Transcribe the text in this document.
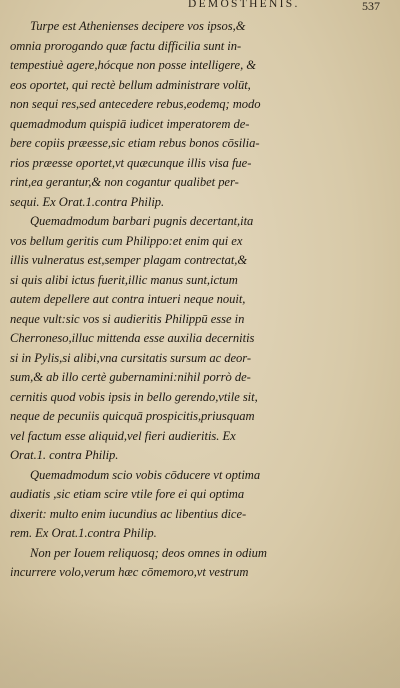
DEMOSTHENIS.	537
Turpe est Athenienses decipere vos ipsos,&
omnia prorogando quæ factu difficilia sunt in-
tempestiuè agere,hócque non posse intelligere, &
eos oportet, qui rectè bellum administrare volūt,
non sequi res,sed antecedere rebus,eodemq; modo
quemadmodum quispiā iudicet imperatorem de-
bere copiis præesse,sic etiam rebus bonos cōsilia-
rios præesse oportet,vt quæcunque illis visa fue-
rint,ea gerantur,& non cogantur qualibet per-
sequi. Ex Orat.1.contra Philip.
Quemadmodum barbari pugnis decertant,ita
vos bellum geritis cum Philippo:et enim qui ex
illis vulneratus est,semper plagam contrectat,&
si quis alibi ictus fuerit,illic manus sunt,ictum
autem depellere aut contra intueri neque nouit,
neque vult:sic vos si audieritis Philippū esse in
Cherroneso,illuc mittenda esse auxilia decernitis
si in Pylis,si alibi,vna cursitatis sursum ac deor-
sum,& ab illo certè gubernamini:nihil porrò de-
cernitis quod vobis ipsis in bello gerendo,vtile sit,
neque de pecuniis quicquā prospicitis,priusquam
vel factum esse aliquid,vel fieri audieritis. Ex
Orat.1. contra Philip.
Quemadmodum scio vobis cōducere vt optima
audiatis ,sic etiam scire vtile fore ei qui optima
dixerit: multo enim iucundius ac libentius dice-
rem. Ex Orat.1.contra Philip.
Non per Iouem reliquosq; deos omnes in odium
incurrere volo,verum hæc cōmemoro,vt vestrum
